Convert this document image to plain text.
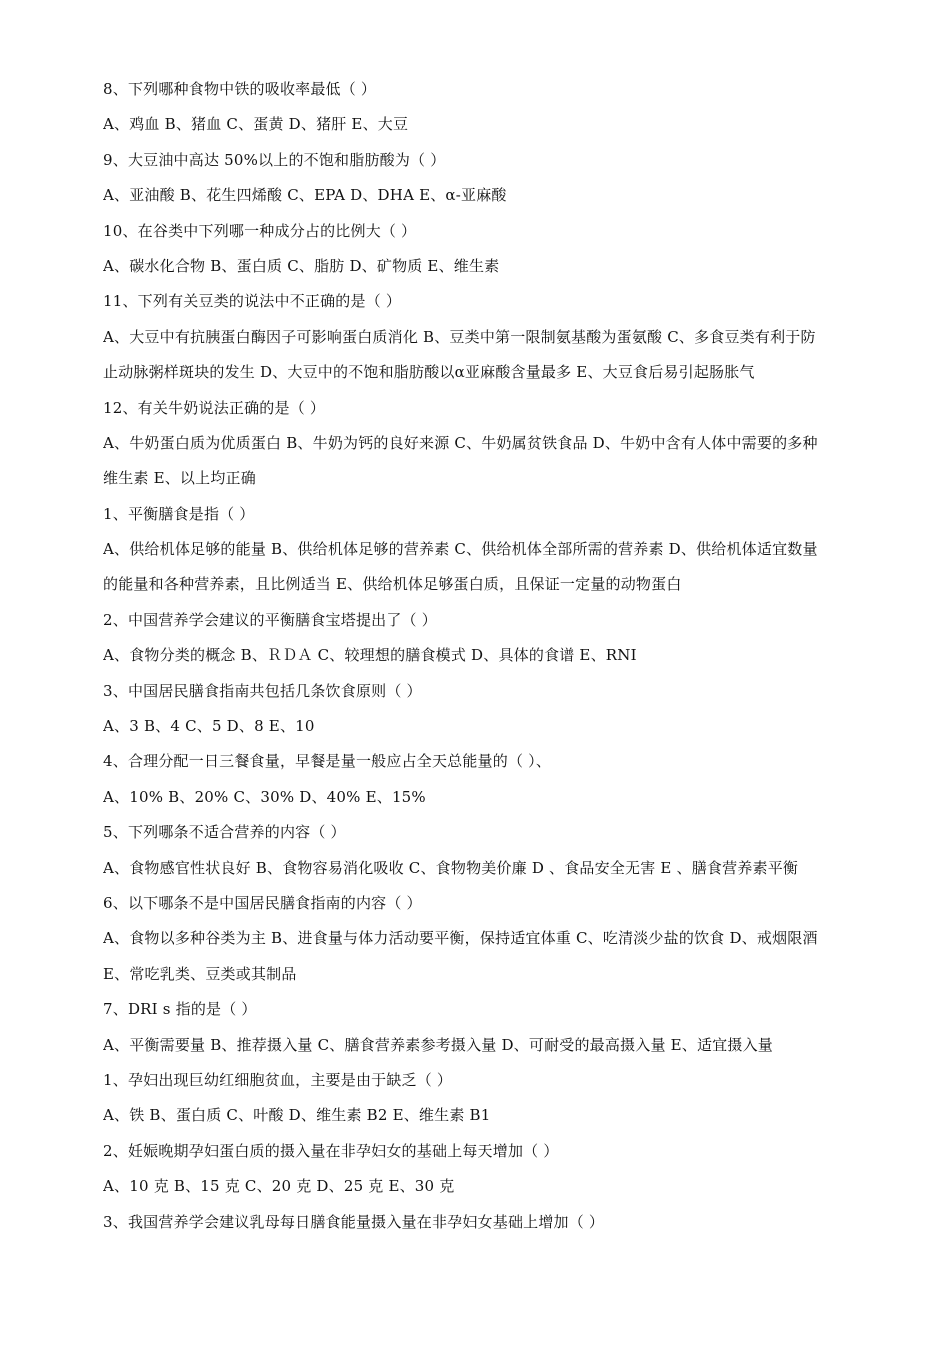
8、下列哪种食物中铁的吸收率最低（ ）
A、鸡血 B、猪血 C、蛋黄 D、猪肝 E、大豆
9、大豆油中高达 50%以上的不饱和脂肪酸为（ ）
A、亚油酸 B、花生四烯酸 C、EPA D、DHA E、α-亚麻酸
10、在谷类中下列哪一种成分占的比例大（ ）
A、碳水化合物 B、蛋白质 C、脂肪 D、矿物质 E、维生素
11、下列有关豆类的说法中不正确的是（ ）
A、大豆中有抗胰蛋白酶因子可影响蛋白质消化 B、豆类中第一限制氨基酸为蛋氨酸 C、多食豆类有利于防
止动脉粥样斑块的发生 D、大豆中的不饱和脂肪酸以α亚麻酸含量最多 E、大豆食后易引起肠胀气
12、有关牛奶说法正确的是（ ）
A、牛奶蛋白质为优质蛋白 B、牛奶为钙的良好来源 C、牛奶属贫铁食品 D、牛奶中含有人体中需要的多种
维生素 E、以上均正确
1、平衡膳食是指（ ）
A、供给机体足够的能量 B、供给机体足够的营养素 C、供给机体全部所需的营养素 D、供给机体适宜数量
的能量和各种营养素，且比例适当 E、供给机体足够蛋白质，且保证一定量的动物蛋白
2、中国营养学会建议的平衡膳食宝塔提出了（ ）
A、食物分类的概念 B、ＲＤＡ C、较理想的膳食模式 D、具体的食谱 E、RNI
3、中国居民膳食指南共包括几条饮食原则（ ）
A、3 B、4 C、5 D、8 E、10
4、合理分配一日三餐食量，早餐是量一般应占全天总能量的（ ）、
A、10% B、20% C、30% D、40% E、15%
5、下列哪条不适合营养的内容（ ）
A、食物感官性状良好 B、食物容易消化吸收 C、食物物美价廉 D 、食品安全无害 E 、膳食营养素平衡
6、以下哪条不是中国居民膳食指南的内容（ ）
A、食物以多种谷类为主 B、进食量与体力活动要平衡，保持适宜体重 C、吃清淡少盐的饮食 D、戒烟限酒
E、常吃乳类、豆类或其制品
7、DRI s 指的是（ ）
A、平衡需要量 B、推荐摄入量 C、膳食营养素参考摄入量 D、可耐受的最高摄入量 E、适宜摄入量
1、孕妇出现巨幼红细胞贫血，主要是由于缺乏（ ）
A、铁 B、蛋白质 C、叶酸 D、维生素 B2 E、维生素 B1
2、妊娠晚期孕妇蛋白质的摄入量在非孕妇女的基础上每天增加（ ）
A、10 克 B、15 克 C、20 克 D、25 克 E、30 克
3、我国营养学会建议乳母每日膳食能量摄入量在非孕妇女基础上增加（ ）
